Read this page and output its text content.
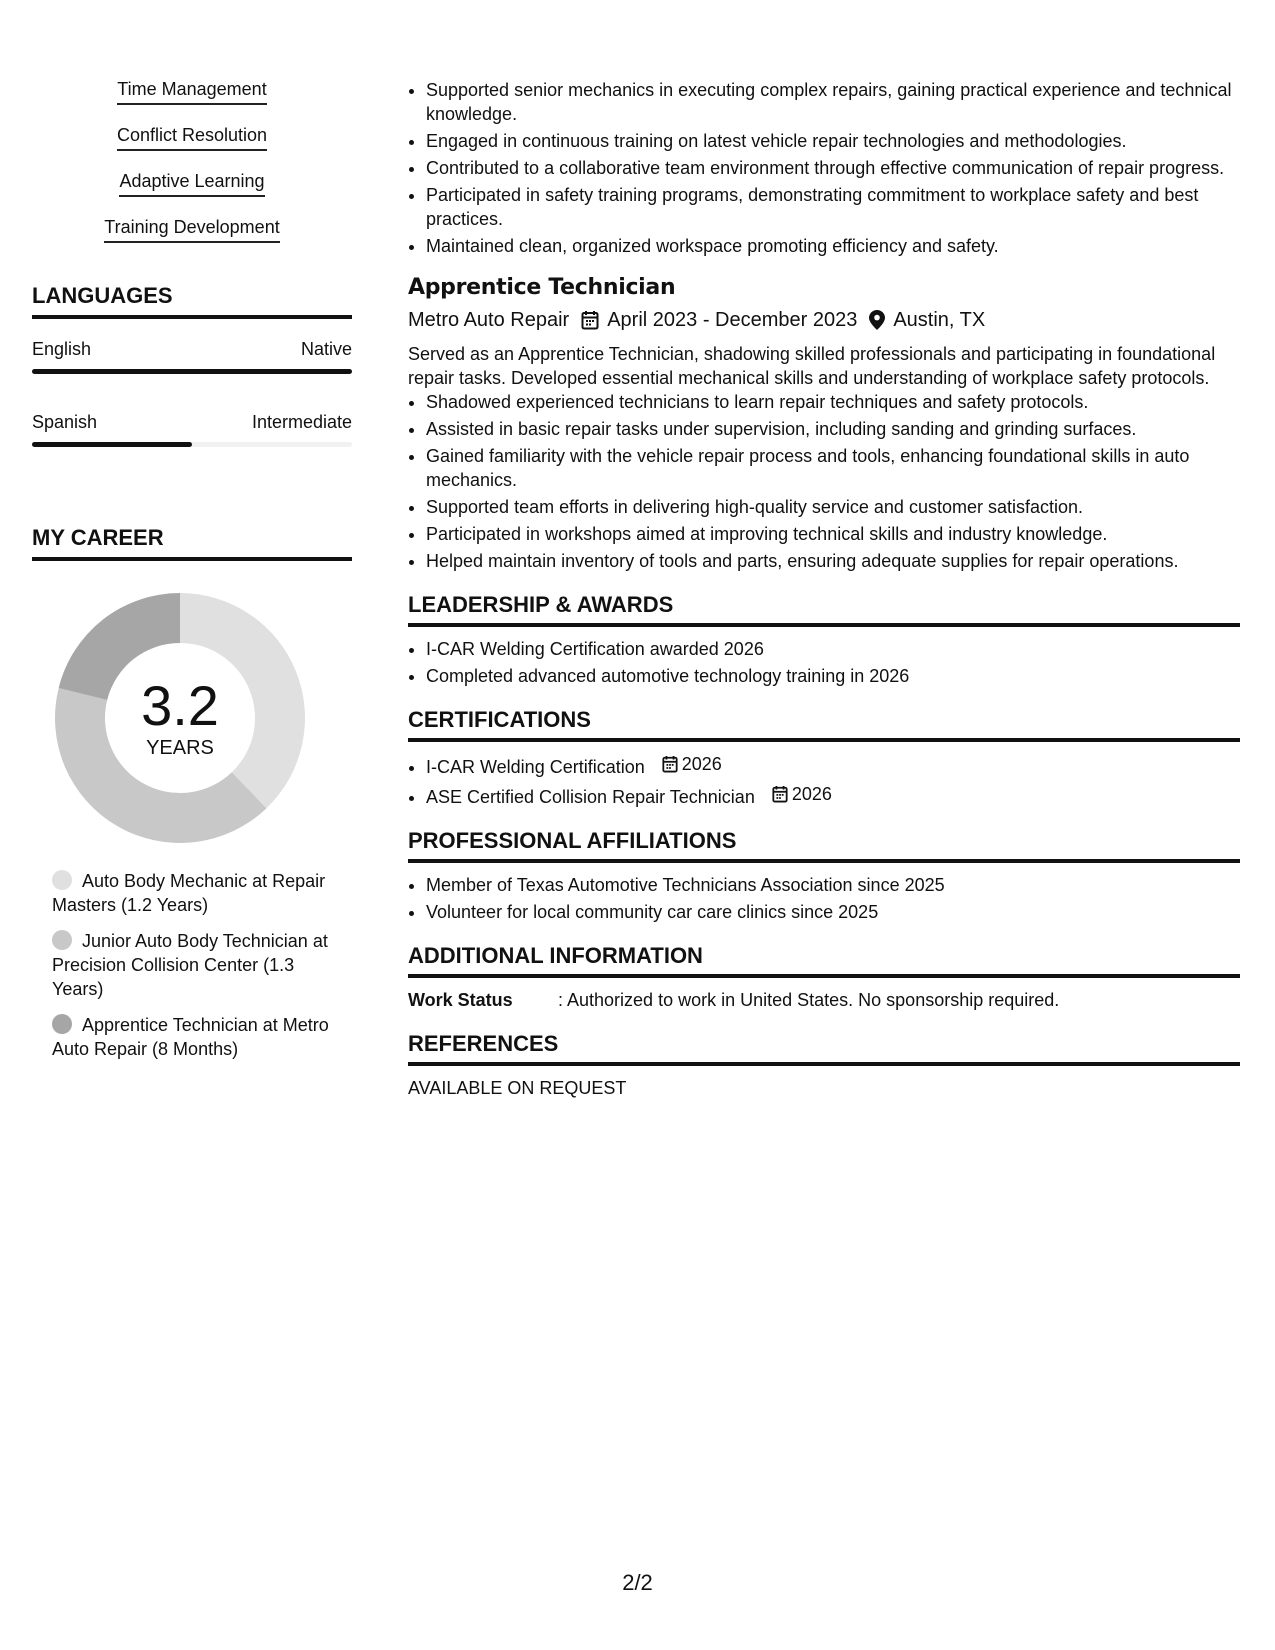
Time Management
Conflict Resolution
Adaptive Learning
Training Development
LANGUAGES
English	Native
Spanish	Intermediate
MY CAREER
3.2
YEARS
Auto Body Mechanic at Repair Masters (1.2 Years)
Junior Auto Body Technician at Precision Collision Center (1.3 Years)
Apprentice Technician at Metro Auto Repair (8 Months)
• Supported senior mechanics in executing complex repairs, gaining practical experience and technical knowledge.
• Engaged in continuous training on latest vehicle repair technologies and methodologies.
• Contributed to a collaborative team environment through effective communication of repair progress.
• Participated in safety training programs, demonstrating commitment to workplace safety and best practices.
• Maintained clean, organized workspace promoting efficiency and safety.
Apprentice Technician
Metro Auto Repair April 2023 - December 2023 Austin, TX
Served as an Apprentice Technician, shadowing skilled professionals and participating in foundational repair tasks. Developed essential mechanical skills and understanding of workplace safety protocols.
• Shadowed experienced technicians to learn repair techniques and safety protocols.
• Assisted in basic repair tasks under supervision, including sanding and grinding surfaces.
• Gained familiarity with the vehicle repair process and tools, enhancing foundational skills in auto mechanics.
• Supported team efforts in delivering high-quality service and customer satisfaction.
• Participated in workshops aimed at improving technical skills and industry knowledge.
• Helped maintain inventory of tools and parts, ensuring adequate supplies for repair operations.
LEADERSHIP & AWARDS
• I-CAR Welding Certification awarded 2026
• Completed advanced automotive technology training in 2026
CERTIFICATIONS
• I-CAR Welding Certification 2026
• ASE Certified Collision Repair Technician 2026
PROFESSIONAL AFFILIATIONS
• Member of Texas Automotive Technicians Association since 2025
• Volunteer for local community car care clinics since 2025
ADDITIONAL INFORMATION
Work Status	: Authorized to work in United States. No sponsorship required.
REFERENCES
AVAILABLE ON REQUEST
2/2
